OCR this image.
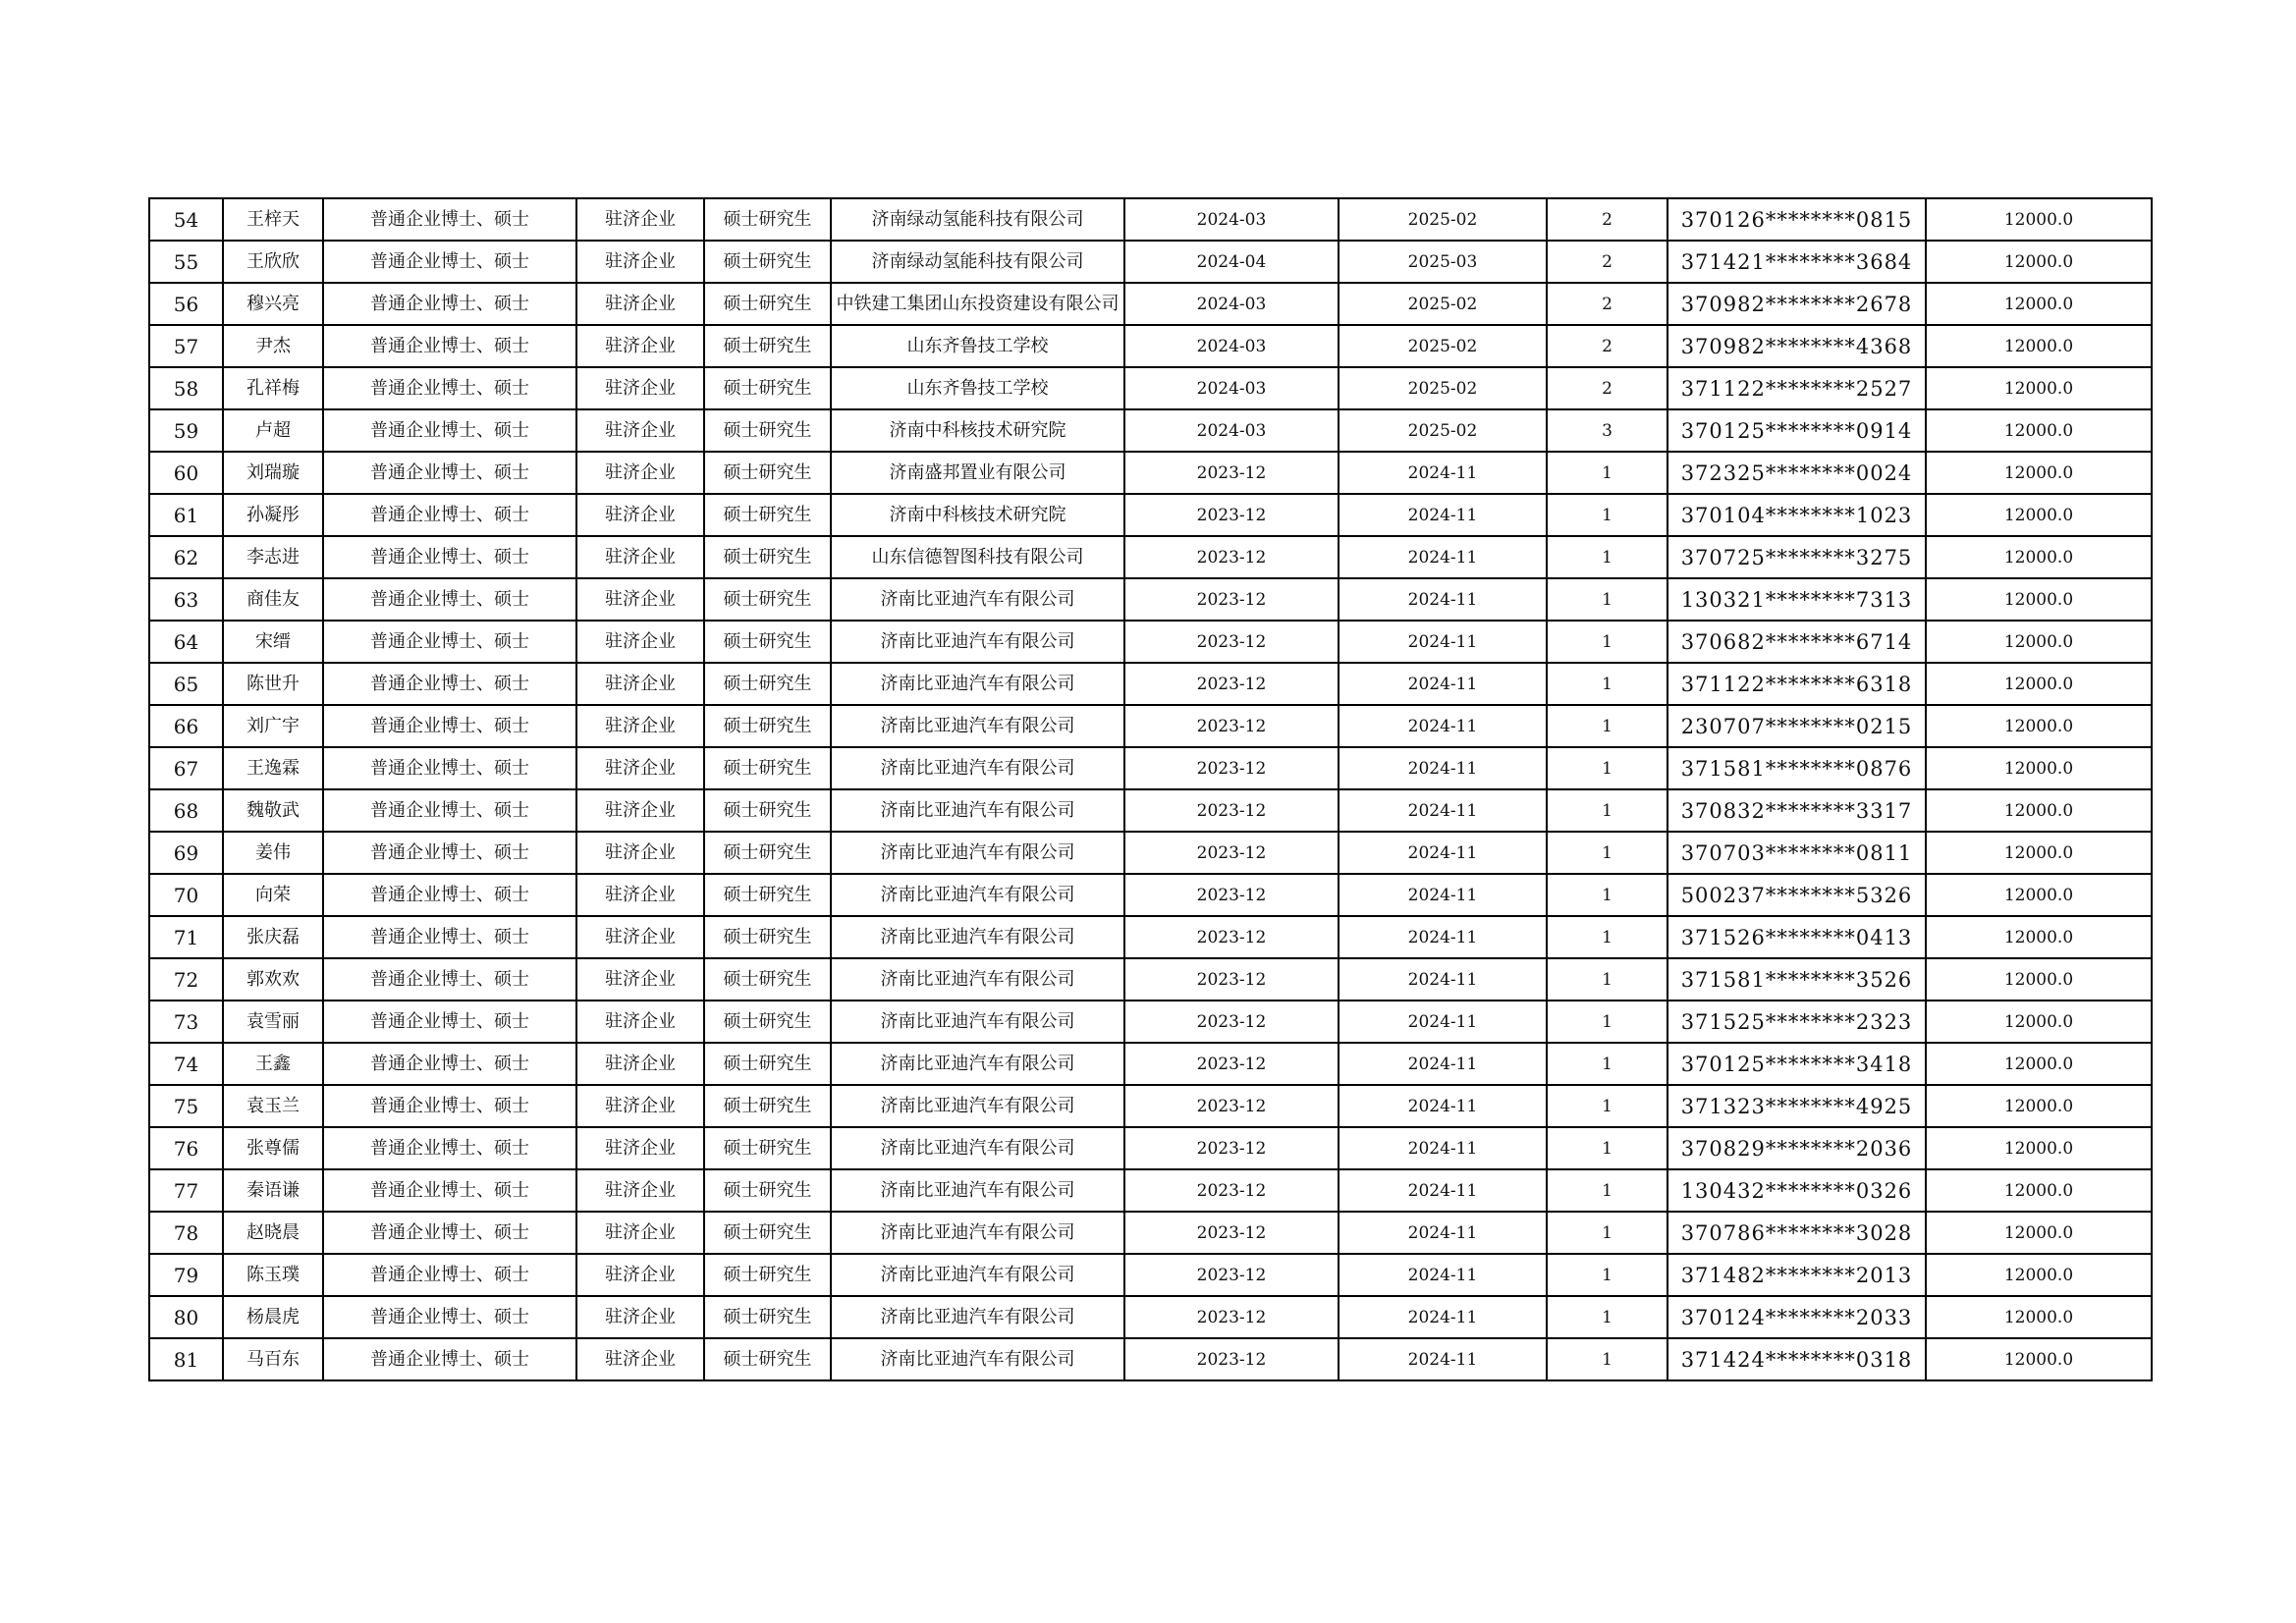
54	王梓天	普通企业博士、硕士	驻济企业	硕士研究生	济南绿动氢能科技有限公司	2024-03	2025-02	2	370126********0815	12000.0
55	王欣欣	普通企业博士、硕士	驻济企业	硕士研究生	济南绿动氢能科技有限公司	2024-04	2025-03	2	371421********3684	12000.0
56	穆兴亮	普通企业博士、硕士	驻济企业	硕士研究生	中铁建工集团山东投资建设有限公司	2024-03	2025-02	2	370982********2678	12000.0
57	尹杰	普通企业博士、硕士	驻济企业	硕士研究生	山东齐鲁技工学校	2024-03	2025-02	2	370982********4368	12000.0
58	孔祥梅	普通企业博士、硕士	驻济企业	硕士研究生	山东齐鲁技工学校	2024-03	2025-02	2	371122********2527	12000.0
59	卢超	普通企业博士、硕士	驻济企业	硕士研究生	济南中科核技术研究院	2024-03	2025-02	3	370125********0914	12000.0
60	刘瑞璇	普通企业博士、硕士	驻济企业	硕士研究生	济南盛邦置业有限公司	2023-12	2024-11	1	372325********0024	12000.0
61	孙凝彤	普通企业博士、硕士	驻济企业	硕士研究生	济南中科核技术研究院	2023-12	2024-11	1	370104********1023	12000.0
62	李志进	普通企业博士、硕士	驻济企业	硕士研究生	山东信德智图科技有限公司	2023-12	2024-11	1	370725********3275	12000.0
63	商佳友	普通企业博士、硕士	驻济企业	硕士研究生	济南比亚迪汽车有限公司	2023-12	2024-11	1	130321********7313	12000.0
64	宋缙	普通企业博士、硕士	驻济企业	硕士研究生	济南比亚迪汽车有限公司	2023-12	2024-11	1	370682********6714	12000.0
65	陈世升	普通企业博士、硕士	驻济企业	硕士研究生	济南比亚迪汽车有限公司	2023-12	2024-11	1	371122********6318	12000.0
66	刘广宇	普通企业博士、硕士	驻济企业	硕士研究生	济南比亚迪汽车有限公司	2023-12	2024-11	1	230707********0215	12000.0
67	王逸霖	普通企业博士、硕士	驻济企业	硕士研究生	济南比亚迪汽车有限公司	2023-12	2024-11	1	371581********0876	12000.0
68	魏敬武	普通企业博士、硕士	驻济企业	硕士研究生	济南比亚迪汽车有限公司	2023-12	2024-11	1	370832********3317	12000.0
69	姜伟	普通企业博士、硕士	驻济企业	硕士研究生	济南比亚迪汽车有限公司	2023-12	2024-11	1	370703********0811	12000.0
70	向荣	普通企业博士、硕士	驻济企业	硕士研究生	济南比亚迪汽车有限公司	2023-12	2024-11	1	500237********5326	12000.0
71	张庆磊	普通企业博士、硕士	驻济企业	硕士研究生	济南比亚迪汽车有限公司	2023-12	2024-11	1	371526********0413	12000.0
72	郭欢欢	普通企业博士、硕士	驻济企业	硕士研究生	济南比亚迪汽车有限公司	2023-12	2024-11	1	371581********3526	12000.0
73	袁雪丽	普通企业博士、硕士	驻济企业	硕士研究生	济南比亚迪汽车有限公司	2023-12	2024-11	1	371525********2323	12000.0
74	王鑫	普通企业博士、硕士	驻济企业	硕士研究生	济南比亚迪汽车有限公司	2023-12	2024-11	1	370125********3418	12000.0
75	袁玉兰	普通企业博士、硕士	驻济企业	硕士研究生	济南比亚迪汽车有限公司	2023-12	2024-11	1	371323********4925	12000.0
76	张尊儒	普通企业博士、硕士	驻济企业	硕士研究生	济南比亚迪汽车有限公司	2023-12	2024-11	1	370829********2036	12000.0
77	秦语谦	普通企业博士、硕士	驻济企业	硕士研究生	济南比亚迪汽车有限公司	2023-12	2024-11	1	130432********0326	12000.0
78	赵晓晨	普通企业博士、硕士	驻济企业	硕士研究生	济南比亚迪汽车有限公司	2023-12	2024-11	1	370786********3028	12000.0
79	陈玉璞	普通企业博士、硕士	驻济企业	硕士研究生	济南比亚迪汽车有限公司	2023-12	2024-11	1	371482********2013	12000.0
80	杨晨虎	普通企业博士、硕士	驻济企业	硕士研究生	济南比亚迪汽车有限公司	2023-12	2024-11	1	370124********2033	12000.0
81	马百东	普通企业博士、硕士	驻济企业	硕士研究生	济南比亚迪汽车有限公司	2023-12	2024-11	1	371424********0318	12000.0
